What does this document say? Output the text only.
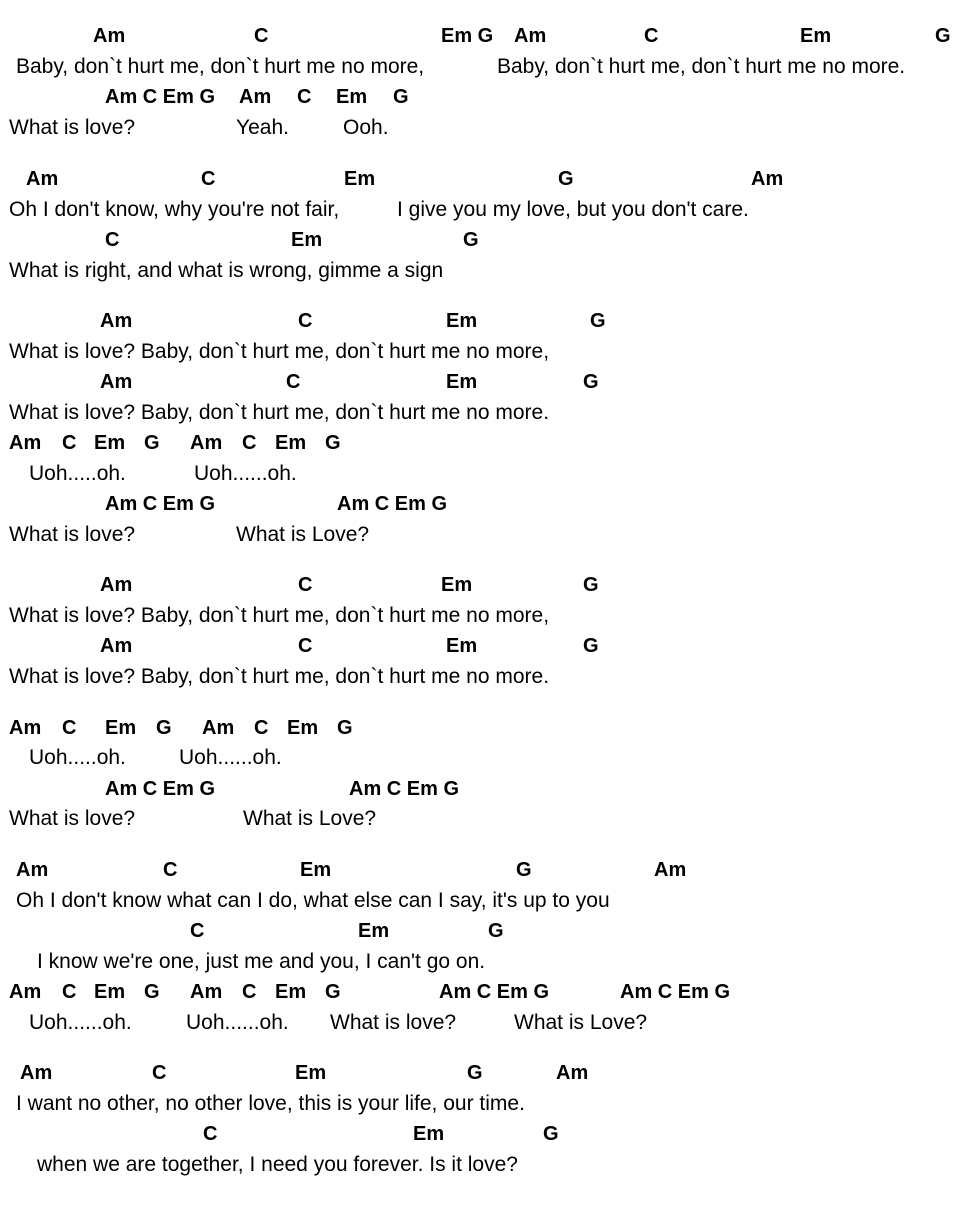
Am	C	Em G Am	C	Em	G
Baby, don`t hurt me, don`t hurt me no more,	Baby, don`t hurt me, don`t hurt me no more.
Am C Em G Am C Em G
What is love?	Yeah.	Ooh.
Am	C	Em	G	Am
Oh I don't know, why you're not fair,	I give you my love, but you don't care.
C	Em	G
What is right, and what is wrong, gimme a sign
Am	C	Em	G
What is love? Baby, don`t hurt me, don`t hurt me no more,
Am	C	Em	G
What is love? Baby, don`t hurt me, don`t hurt me no more.
Am C Em G Am C Em G
Uoh.....oh.	Uoh......oh.
Am C Em G	Am C Em G
What is love?	What is Love?
Am	C	Em	G
What is love? Baby, don`t hurt me, don`t hurt me no more,
Am	C	Em	G
What is love? Baby, don`t hurt me, don`t hurt me no more.
Am C Em G Am C Em G
Uoh.....oh.	Uoh......oh.
Am C Em G	Am C Em G
What is love?	What is Love?
Am	C	Em	G	Am
Oh I don't know what can I do, what else can I say, it's up to you
C	Em	G
I know we're one, just me and you, I can't go on.
Am C Em G Am C Em G	Am C Em G	Am C Em G
Uoh......oh.	Uoh......oh. What is love?	What is Love?
Am	C	Em	G	Am
I want no other, no other love, this is your life, our time.
C	Em	G
when we are together, I need you forever. Is it love?
